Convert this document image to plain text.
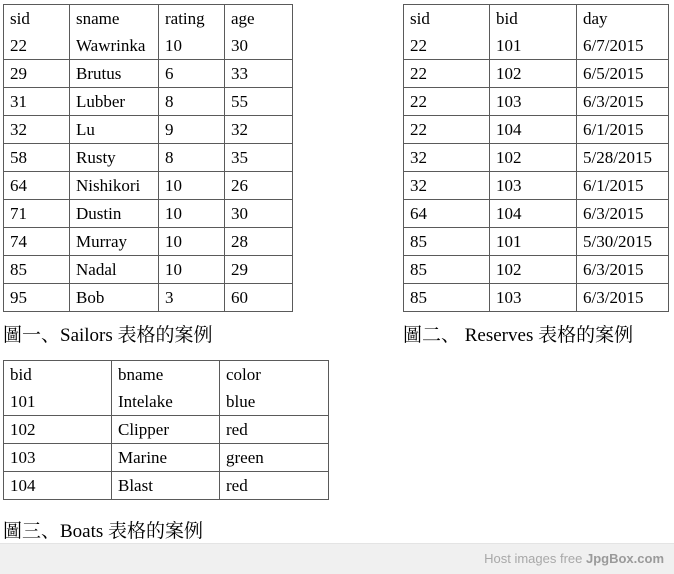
sid	sname	rating	age
22	Wawrinka	10	30
29	Brutus	6	33
31	Lubber	8	55
32	Lu	9	32
58	Rusty	8	35
64	Nishikori	10	26
71	Dustin	10	30
74	Murray	10	28
85	Nadal	10	29
95	Bob	3	60
圖一、Sailors 表格的案例
sid	bid	day
22	101	6/7/2015
22	102	6/5/2015
22	103	6/3/2015
22	104	6/1/2015
32	102	5/28/2015
32	103	6/1/2015
64	104	6/3/2015
85	101	5/30/2015
85	102	6/3/2015
85	103	6/3/2015
圖二、 Reserves 表格的案例
bid	bname	color
101	Intelake	blue
102	Clipper	red
103	Marine	green
104	Blast	red
圖三、Boats 表格的案例
Host images free JpgBox.com
